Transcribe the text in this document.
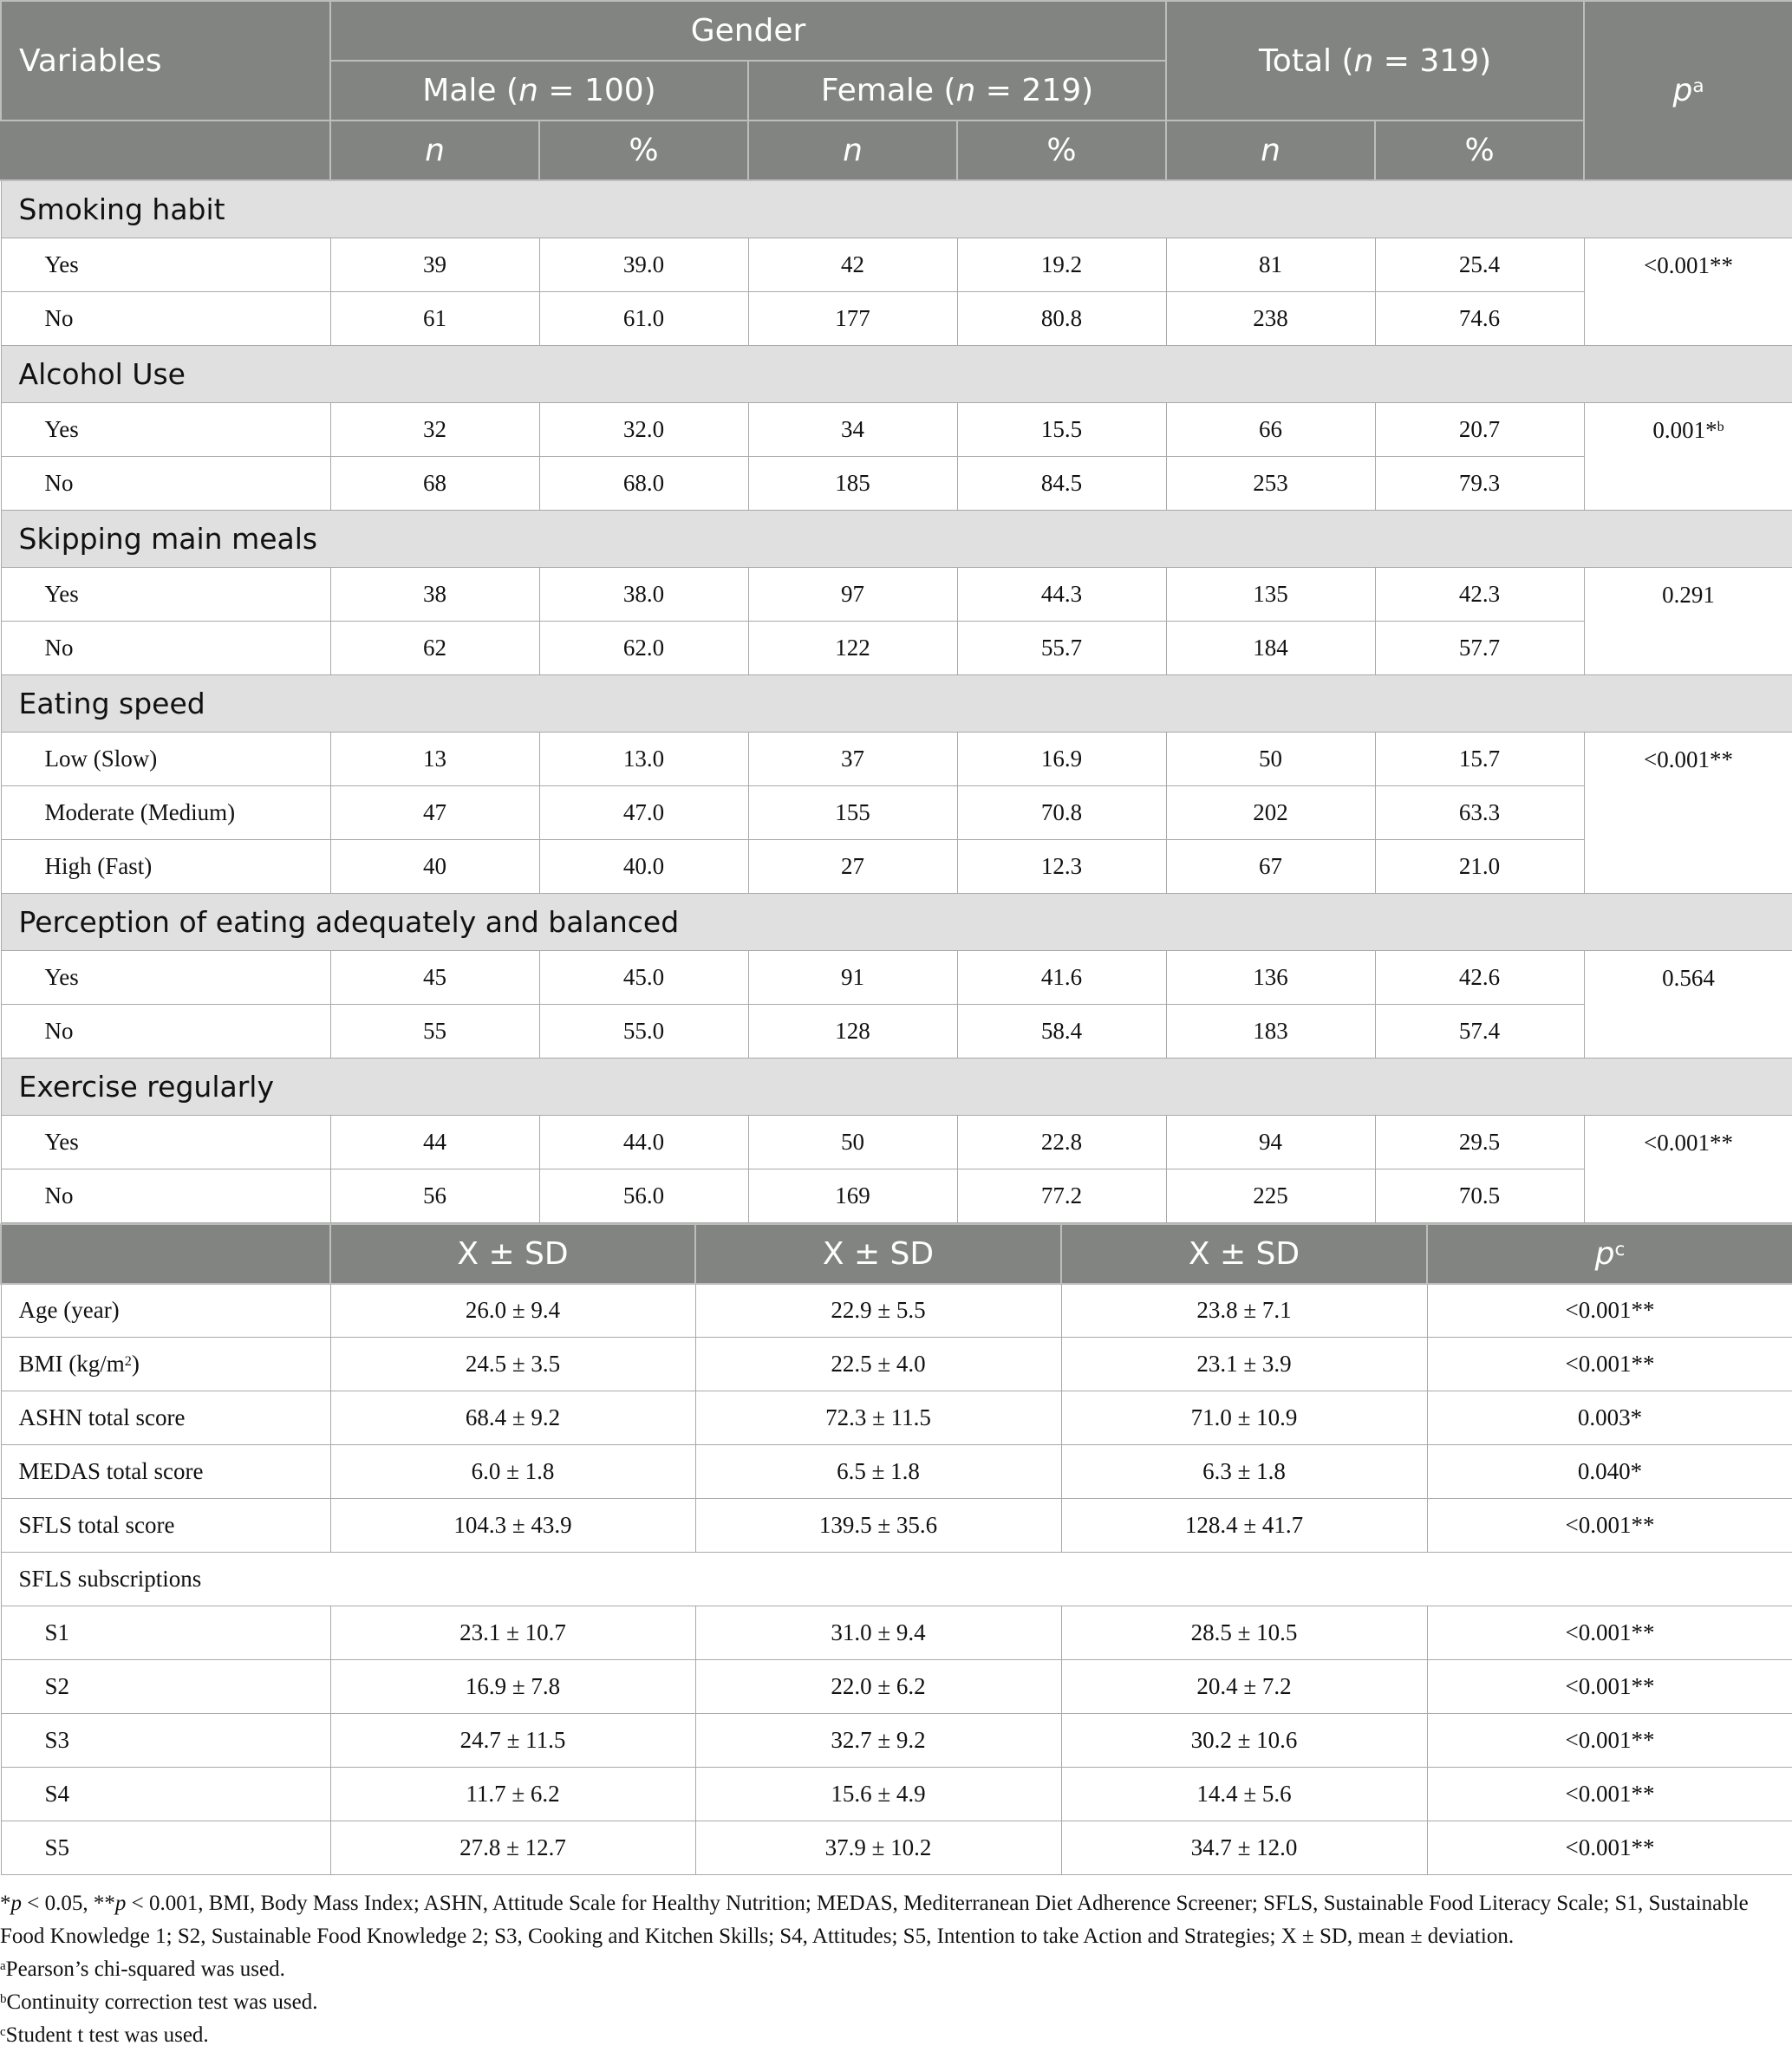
Variables	Gender				Total (n = 319)		$p^a$
	Male (n = 100)		Female (n = 219)				
	n	%	n	%	n	%	
Smoking habit							
Yes	39	39.0	42	19.2	81	25.4	<0.001**
No	61	61.0	177	80.8	238	74.6	
Alcohol Use							
Yes	32	32.0	34	15.5	66	20.7	0.001*$^b$
No	68	68.0	185	84.5	253	79.3	
Skipping main meals							
Yes	38	38.0	97	44.3	135	42.3	0.291
No	62	62.0	122	55.7	184	57.7	
Eating speed							
Low (Slow)	13	13.0	37	16.9	50	15.7	<0.001**
Moderate (Medium)	47	47.0	155	70.8	202	63.3	
High (Fast)	40	40.0	27	12.3	67	21.0	
Perception of eating adequately and balanced							
Yes	45	45.0	91	41.6	136	42.6	0.564
No	55	55.0	128	58.4	183	57.4	
Exercise regularly							
Yes	44	44.0	50	22.8	94	29.5	<0.001**
No	56	56.0	169	77.2	225	70.5	
	X ± SD	X ± SD	X ± SD	$p^c$
Age (year)	26.0 ± 9.4	22.9 ± 5.5	23.8 ± 7.1	<0.001**
BMI $(kg/m^2)$	24.5 ± 3.5	22.5 ± 4.0	23.1 ± 3.9	<0.001**
ASHN total score	68.4 ± 9.2	72.3 ± 11.5	71.0 ± 10.9	0.003*
MEDAS total score	6.0 ± 1.8	6.5 ± 1.8	6.3 ± 1.8	0.040*
SFLS total score	104.3 ± 43.9	139.5 ± 35.6	128.4 ± 41.7	<0.001**
SFLS subscriptions				
S1	23.1 ± 10.7	31.0 ± 9.4	28.5 ± 10.5	<0.001**
S2	16.9 ± 7.8	22.0 ± 6.2	20.4 ± 7.2	<0.001**
S3	24.7 ± 11.5	32.7 ± 9.2	30.2 ± 10.6	<0.001**
S4	11.7 ± 6.2	15.6 ± 4.9	14.4 ± 5.6	<0.001**
S5	27.8 ± 12.7	37.9 ± 10.2	34.7 ± 12.0	<0.001**
*p < 0.05, **p < 0.001, BMI, Body Mass Index; ASHN, Attitude Scale for Healthy Nutrition; MEDAS, Mediterranean Diet Adherence Screener; SFLS, Sustainable Food Literacy Scale; S1, Sustainable Food Knowledge 1; S2, Sustainable Food Knowledge 2; S3, Cooking and Kitchen Skills; S4, Attitudes; S5, Intention to take Action and Strategies; X ± SD, mean ± deviation.
$^a$Pearson’s chi-squared was used.
$^b$Continuity correction test was used.
$^c$Student t test was used.
